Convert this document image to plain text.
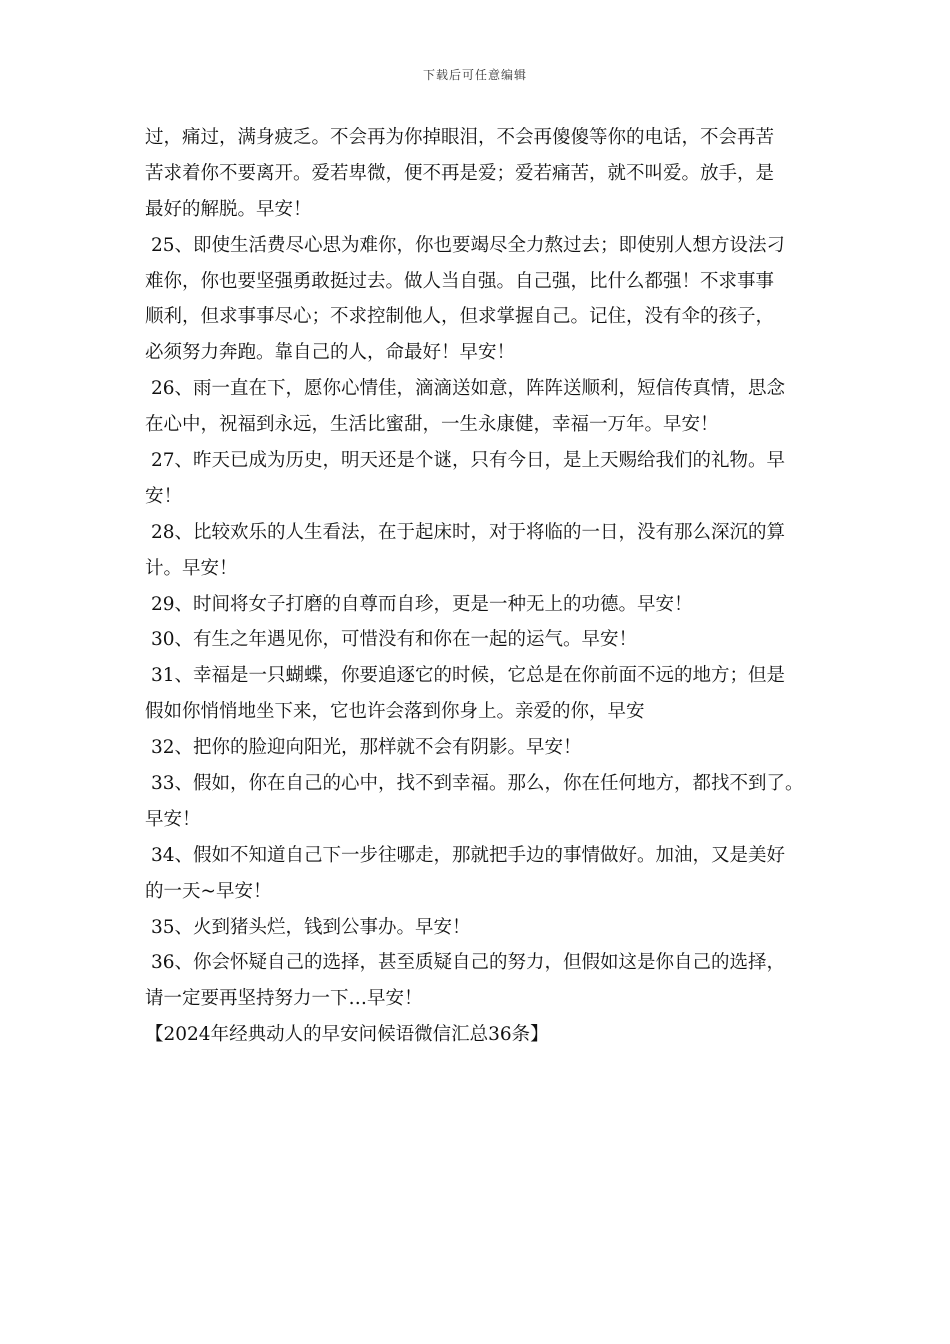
下载后可任意编辑
过，痛过，满身疲乏。不会再为你掉眼泪，不会再傻傻等你的电话，不会再苦
苦求着你不要离开。爱若卑微，便不再是爱；爱若痛苦，就不叫爱。放手，是
最好的解脱。早安！
25、即使生活费尽心思为难你，你也要竭尽全力熬过去；即使别人想方设法刁
难你，你也要坚强勇敢挺过去。做人当自强。自己强，比什么都强！不求事事
顺利，但求事事尽心；不求控制他人，但求掌握自己。记住，没有伞的孩子，
必须努力奔跑。靠自己的人，命最好！早安！
26、雨一直在下，愿你心情佳，滴滴送如意，阵阵送顺利，短信传真情，思念
在心中，祝福到永远，生活比蜜甜，一生永康健，幸福一万年。早安！
27、昨天已成为历史，明天还是个谜，只有今日，是上天赐给我们的礼物。早
安！
28、比较欢乐的人生看法，在于起床时，对于将临的一日，没有那么深沉的算
计。早安！
29、时间将女子打磨的自尊而自珍，更是一种无上的功德。早安！
30、有生之年遇见你，可惜没有和你在一起的运气。早安！
31、幸福是一只蝴蝶，你要追逐它的时候，它总是在你前面不远的地方；但是
假如你悄悄地坐下来，它也许会落到你身上。亲爱的你，早安
32、把你的脸迎向阳光，那样就不会有阴影。早安！
33、假如，你在自己的心中，找不到幸福。那么，你在任何地方，都找不到了。
早安！
34、假如不知道自己下一步往哪走，那就把手边的事情做好。加油，又是美好
的一天~早安！
35、火到猪头烂，钱到公事办。早安！
36、你会怀疑自己的选择，甚至质疑自己的努力，但假如这是你自己的选择，
请一定要再坚持努力一下…早安！
【2024年经典动人的早安问候语微信汇总36条】
